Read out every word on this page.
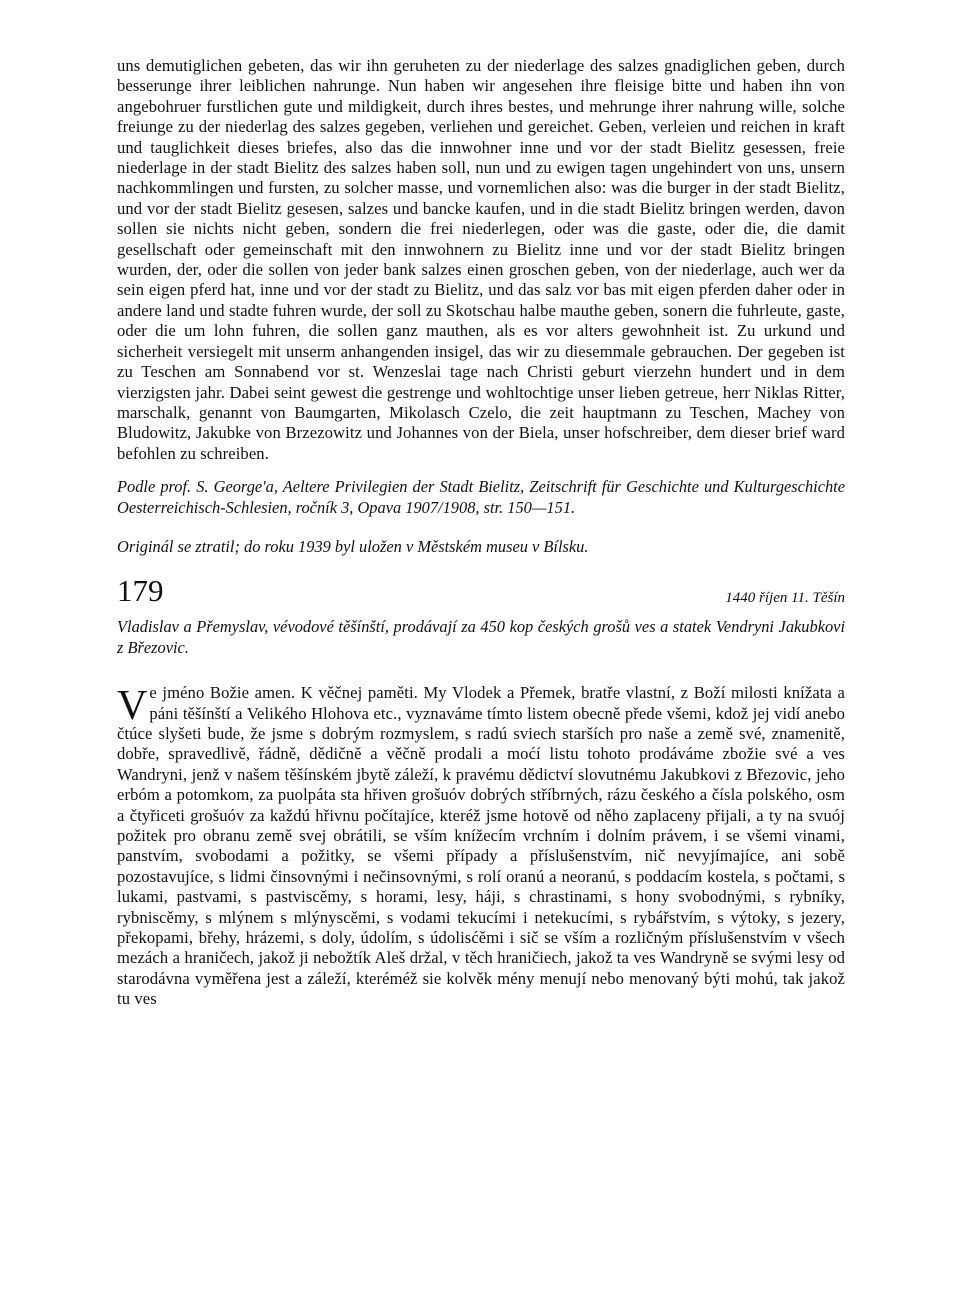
uns demutiglichen gebeten, das wir ihn geruheten zu der niederlage des salzes gnadiglichen geben, durch besserunge ihrer leiblichen nahrunge. Nun haben wir angesehen ihre fleisige bitte und haben ihn von angebohruer furstlichen gute und mildigkeit, durch ihres bestes, und mehrunge ihrer nahrung wille, solche freiunge zu der niederlag des salzes gegeben, verliehen und gereichet. Geben, verleien und reichen in kraft und tauglichkeit dieses briefes, also das die innwohner inne und vor der stadt Bielitz gesessen, freie niederlage in der stadt Bielitz des salzes haben soll, nun und zu ewigen tagen ungehindert von uns, unsern nachkommlingen und fursten, zu solcher masse, und vornemlichen also: was die burger in der stadt Bielitz, und vor der stadt Bielitz gesesen, salzes und bancke kaufen, und in die stadt Bielitz bringen werden, davon sollen sie nichts nicht geben, sondern die frei niederlegen, oder was die gaste, oder die, die damit gesellschaft oder gemeinschaft mit den innwohnern zu Bielitz inne und vor der stadt Bielitz bringen wurden, der, oder die sollen von jeder bank salzes einen groschen geben, von der niederlage, auch wer da sein eigen pferd hat, inne und vor der stadt zu Bielitz, und das salz vor bas mit eigen pferden daher oder in andere land und stadte fuhren wurde, der soll zu Skotschau halbe mauthe geben, sonern die fuhrleute, gaste, oder die um lohn fuhren, die sollen ganz mauthen, als es vor alters gewohnheit ist. Zu urkund und sicherheit versiegelt mit unserm anhangenden insigel, das wir zu diesemmale gebrauchen. Der gegeben ist zu Teschen am Sonnabend vor st. Wenzeslai tage nach Christi geburt vierzehn hundert und in dem vierzigsten jahr. Dabei seint gewest die gestrenge und wohltochtige unser lieben getreue, herr Niklas Ritter, marschalk, genannt von Baumgarten, Mikolasch Czelo, die zeit hauptmann zu Teschen, Machey von Bludowitz, Jakubke von Brzezowitz und Johannes von der Biela, unser hofschreiber, dem dieser brief ward befohlen zu schreiben.

Podle prof. S. George'a, Aeltere Privilegien der Stadt Bielitz, Zeitschrift für Geschichte und Kulturgeschichte Oesterreichisch-Schlesien, ročník 3, Opava 1907/1908, str. 150—151.

Originál se ztratil; do roku 1939 byl uložen v Městském museu v Bílsku.

179	1440 říjen 11. Těšín

Vladislav a Přemyslav, vévodové těšínští, prodávají za 450 kop českých grošů ves a statek Vendryni Jakubkovi z Březovic.

V e jméno Božie amen. K věčnej paměti. My Vlodek a Přemek, bratře vlastní, z Boží milosti knížata a páni těšínští a Velikého Hlohova etc., vyznaváme tímto listem obecně přede všemi, kdož jej vidí anebo čtúce slyšeti bude, že jsme s dobrým rozmyslem, s radú sviech starších pro naše a země své, znamenitě, dobře, spravedlivě, řádně, dědičně a věčně prodali a moćí listu tohoto prodáváme zbožie své a ves Wandryni, jenž v našem těšínském jbytě záleží, k pravému dědictví slovutnému Jakubkovi z Březovic, jeho erbóm a potomkom, za puolpáta sta hřiven grošuóv dobrých stříbrných, rázu českého a čísla polského, osm a čtyřiceti grošuóv za každú hřivnu počítajíce, kteréž jsme hotově od něho zaplaceny přijali, a ty na svuój požitek pro obranu země svej obrátili, se vším knížecím vrchním i dolním právem, i se všemi vinami, panstvím, svobodami a požitky, se všemi případy a příslušenstvím, nič nevyjímajíce, ani sobě pozostavujíce, s lidmi činsovnými i nečinsovnými, s rolí oranú a neoranú, s poddacím kostela, s počtami, s lukami, pastvami, s pastviscěmy, s horami, lesy, háji, s chrastinami, s hony svobodnými, s rybníky, rybniscěmy, s mlýnem s mlýnyscěmi, s vodami tekucími i netekucími, s rybářstvím, s výtoky, s jezery, překopami, břehy, hrázemi, s doly, údolím, s údolisćěmi i sič se vším a rozličným příslušenstvím v všech mezách a hraničech, jakož ji nebožtík Aleš držal, v těch hraničiech, jakož ta ves Wandryně se svými lesy od starodávna vyměřena jest a záleží, kteréméž sie kolvěk mény menují nebo menovaný býti mohú, tak jakož tu ves
